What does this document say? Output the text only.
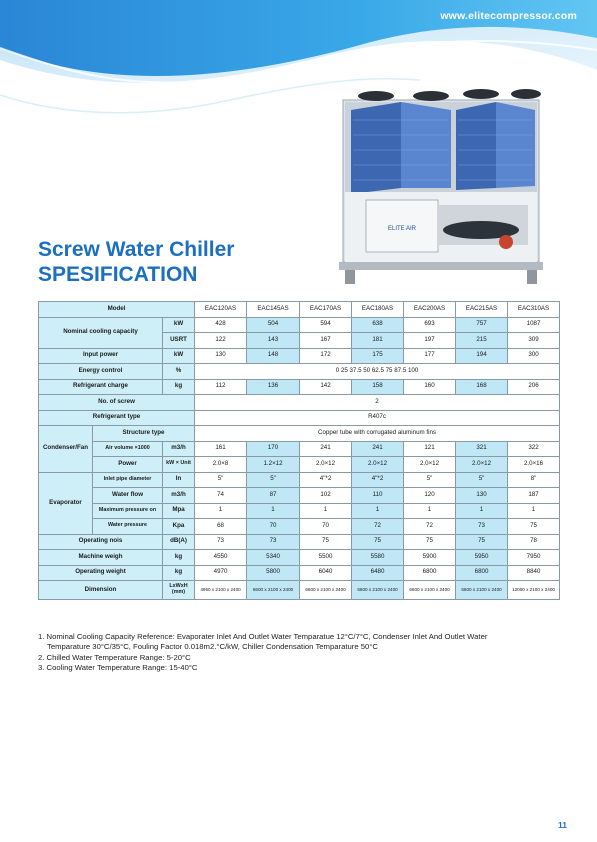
www.elitecompressor.com
ELITE AIR
Screw Water Chiller
SPESIFICATION
Model			EAC120AS	EAC145AS	EAC170AS	EAC180AS	EAC200AS	EAC215AS	EAC310AS
Nominal cooling capacity		kW	428	504	594	638	693	757	1087
		USRT	122	143	167	181	197	215	309
Input power		kW	130	148	172	175	177	194	300
Energy control		%	0 25 37.5 50 62.5 75 87.5 100						
Refrigerant charge		kg	112	136	142	158	160	168	206
No. of screw			2						
Refrigerant type			R407c						
Condenser/Fan	Structure type		Copper tube with corrugated aluminum fins						
	Air volume ×1000	m3/h	161	170	241	241	121	321	322
	Power	kW × Unit	2.0×8	1.2×12	2.0×12	2.0×12	2.0×12	2.0×12	2.0×16
Evaporator	Inlet pipe diameter	In	5"	5"	4"*2	4"*2	5"	5"	8"
	Water flow	m3/h	74	87	102	110	120	130	187
	Maximum pressure on	Mpa	1	1	1	1	1	1	1
	Water pressure	Kpa	68	70	70	72	72	73	75
Operating nois		dB(A)	73	73	75	75	75	75	78
Machine weigh		kg	4550	5340	5500	5580	5900	5950	7950
Operating weight		kg	4970	5800	6040	6480	6800	6800	8840
Dimension		LxWxH (mm)	4950 x 2100 x 2400	6600 x 2100 x 2400	6600 x 2100 x 2400	6600 x 2100 x 2400	6600 x 2100 x 2400	6600 x 2100 x 2400	12000 x 2100 x 2400

1. Nominal Cooling Capacity Reference: Evaporater Inlet And Outlet Water Temparatue 12°C/7°C, Condenser Inlet And Outlet Water

Temparature 30°C/35°C, Fouling Factor 0.018m2.°C/kW, Chiller Condensation Temparature 50°C

2. Chilled Water Temperature Range: 5-20°C

3. Cooling Water Temperature Range: 15-40°C

11
